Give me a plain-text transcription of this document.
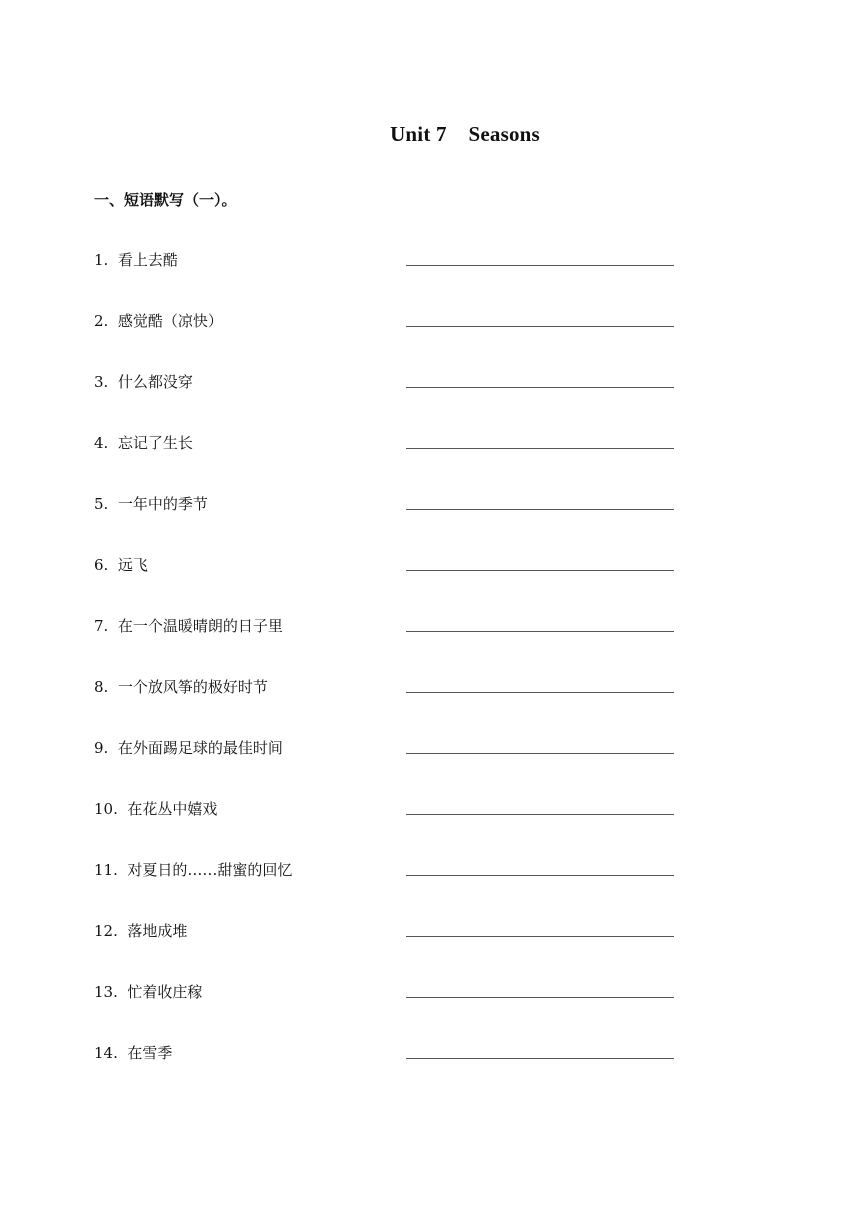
Unit 7    Seasons
一、短语默写（一）。
1. 看上去酷
2. 感觉酷（凉快）
3. 什么都没穿
4. 忘记了生长
5. 一年中的季节
6. 远飞
7. 在一个温暖晴朗的日子里
8. 一个放风筝的极好时节
9. 在外面踢足球的最佳时间
10. 在花丛中嬉戏
11. 对夏日的……甜蜜的回忆
12. 落地成堆
13. 忙着收庄稼
14. 在雪季
